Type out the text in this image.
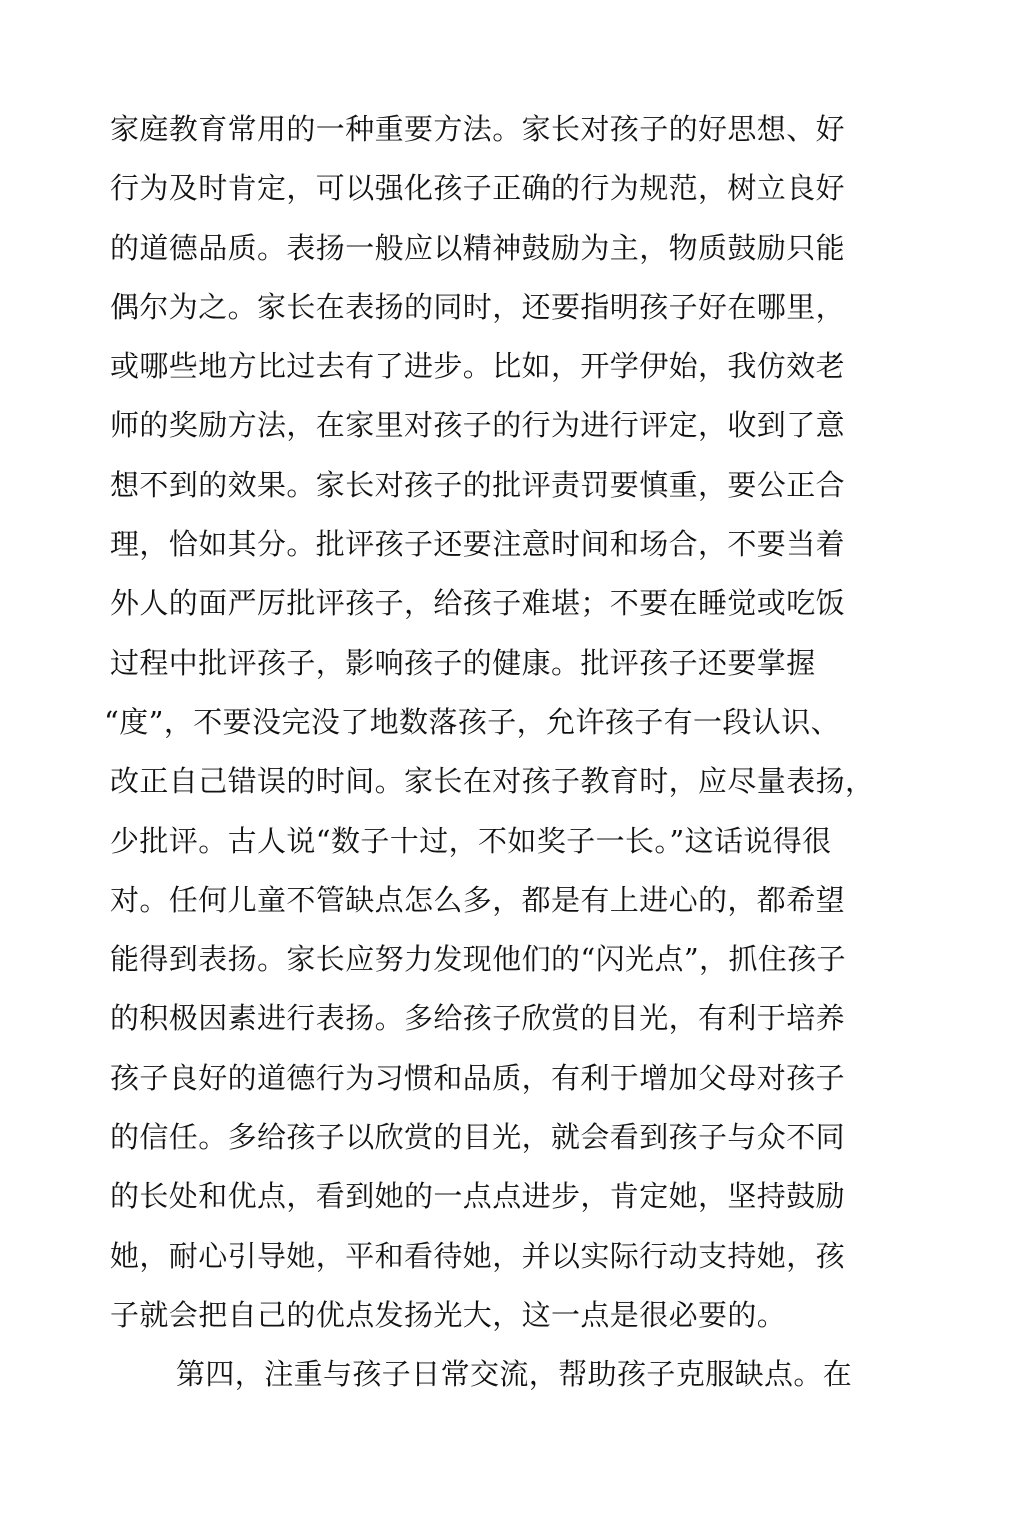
家庭教育常用的一种重要方法。家长对孩子的好思想、好
行为及时肯定，可以强化孩子正确的行为规范，树立良好
的道德品质。表扬一般应以精神鼓励为主，物质鼓励只能
偶尔为之。家长在表扬的同时，还要指明孩子好在哪里，
或哪些地方比过去有了进步。比如，开学伊始，我仿效老
师的奖励方法，在家里对孩子的行为进行评定，收到了意
想不到的效果。家长对孩子的批评责罚要慎重，要公正合
理，恰如其分。批评孩子还要注意时间和场合，不要当着
外人的面严厉批评孩子，给孩子难堪；不要在睡觉或吃饭
过程中批评孩子，影响孩子的健康。批评孩子还要掌握
“度”，不要没完没了地数落孩子，允许孩子有一段认识、
改正自己错误的时间。家长在对孩子教育时，应尽量表扬，
少批评。古人说“数子十过，不如奖子一长。”这话说得很
对。任何儿童不管缺点怎么多，都是有上进心的，都希望
能得到表扬。家长应努力发现他们的“闪光点”，抓住孩子
的积极因素进行表扬。多给孩子欣赏的目光，有利于培养
孩子良好的道德行为习惯和品质，有利于增加父母对孩子
的信任。多给孩子以欣赏的目光，就会看到孩子与众不同
的长处和优点，看到她的一点点进步，肯定她，坚持鼓励
她，耐心引导她，平和看待她，并以实际行动支持她，孩
子就会把自己的优点发扬光大，这一点是很必要的。
第四，注重与孩子日常交流，帮助孩子克服缺点。在
